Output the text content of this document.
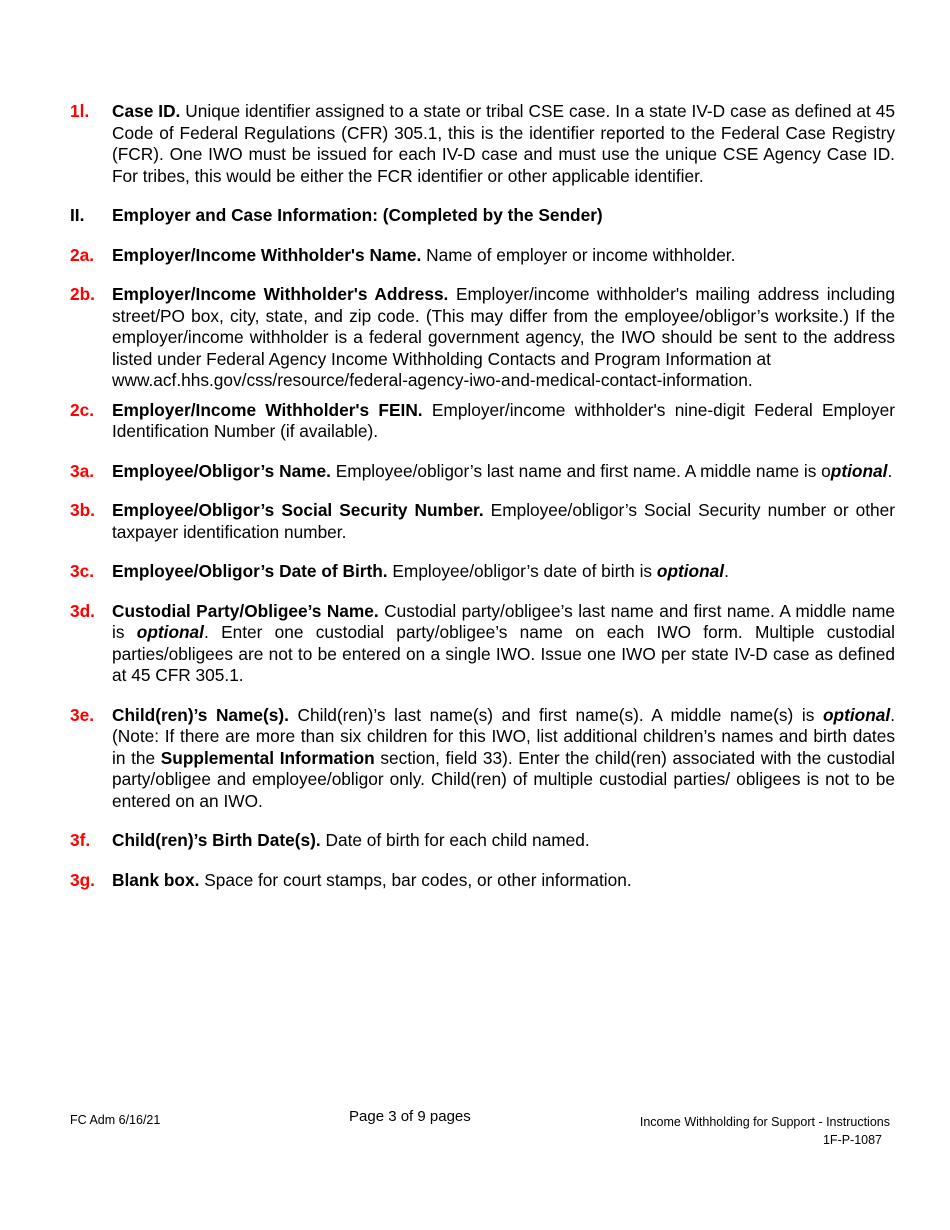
1l. Case ID. Unique identifier assigned to a state or tribal CSE case. In a state IV-D case as defined at 45 Code of Federal Regulations (CFR) 305.1, this is the identifier reported to the Federal Case Registry (FCR). One IWO must be issued for each IV-D case and must use the unique CSE Agency Case ID. For tribes, this would be either the FCR identifier or other applicable identifier.
II. Employer and Case Information: (Completed by the Sender)
2a. Employer/Income Withholder's Name. Name of employer or income withholder.
2b. Employer/Income Withholder's Address. Employer/income withholder's mailing address including street/PO box, city, state, and zip code. (This may differ from the employee/obligor’s worksite.) If the employer/income withholder is a federal government agency, the IWO should be sent to the address listed under Federal Agency Income Withholding Contacts and Program Information at
www.acf.hhs.gov/css/resource/federal-agency-iwo-and-medical-contact-information.
2c. Employer/Income Withholder's FEIN. Employer/income withholder's nine-digit Federal Employer Identification Number (if available).
3a. Employee/Obligor’s Name. Employee/obligor’s last name and first name. A middle name is optional.
3b. Employee/Obligor’s Social Security Number. Employee/obligor’s Social Security number or other taxpayer identification number.
3c. Employee/Obligor’s Date of Birth. Employee/obligor’s date of birth is optional.
3d. Custodial Party/Obligee’s Name. Custodial party/obligee’s last name and first name. A middle name is optional. Enter one custodial party/obligee’s name on each IWO form. Multiple custodial parties/obligees are not to be entered on a single IWO. Issue one IWO per state IV-D case as defined at 45 CFR 305.1.
3e. Child(ren)’s Name(s). Child(ren)’s last name(s) and first name(s). A middle name(s) is optional. (Note: If there are more than six children for this IWO, list additional children’s names and birth dates in the Supplemental Information section, field 33). Enter the child(ren) associated with the custodial party/obligee and employee/obligor only. Child(ren) of multiple custodial parties/ obligees is not to be entered on an IWO.
3f. Child(ren)’s Birth Date(s). Date of birth for each child named.
3g. Blank box. Space for court stamps, bar codes, or other information.
FC Adm 6/16/21	Page 3 of 9 pages	Income Withholding for Support - Instructions
1F-P-1087
